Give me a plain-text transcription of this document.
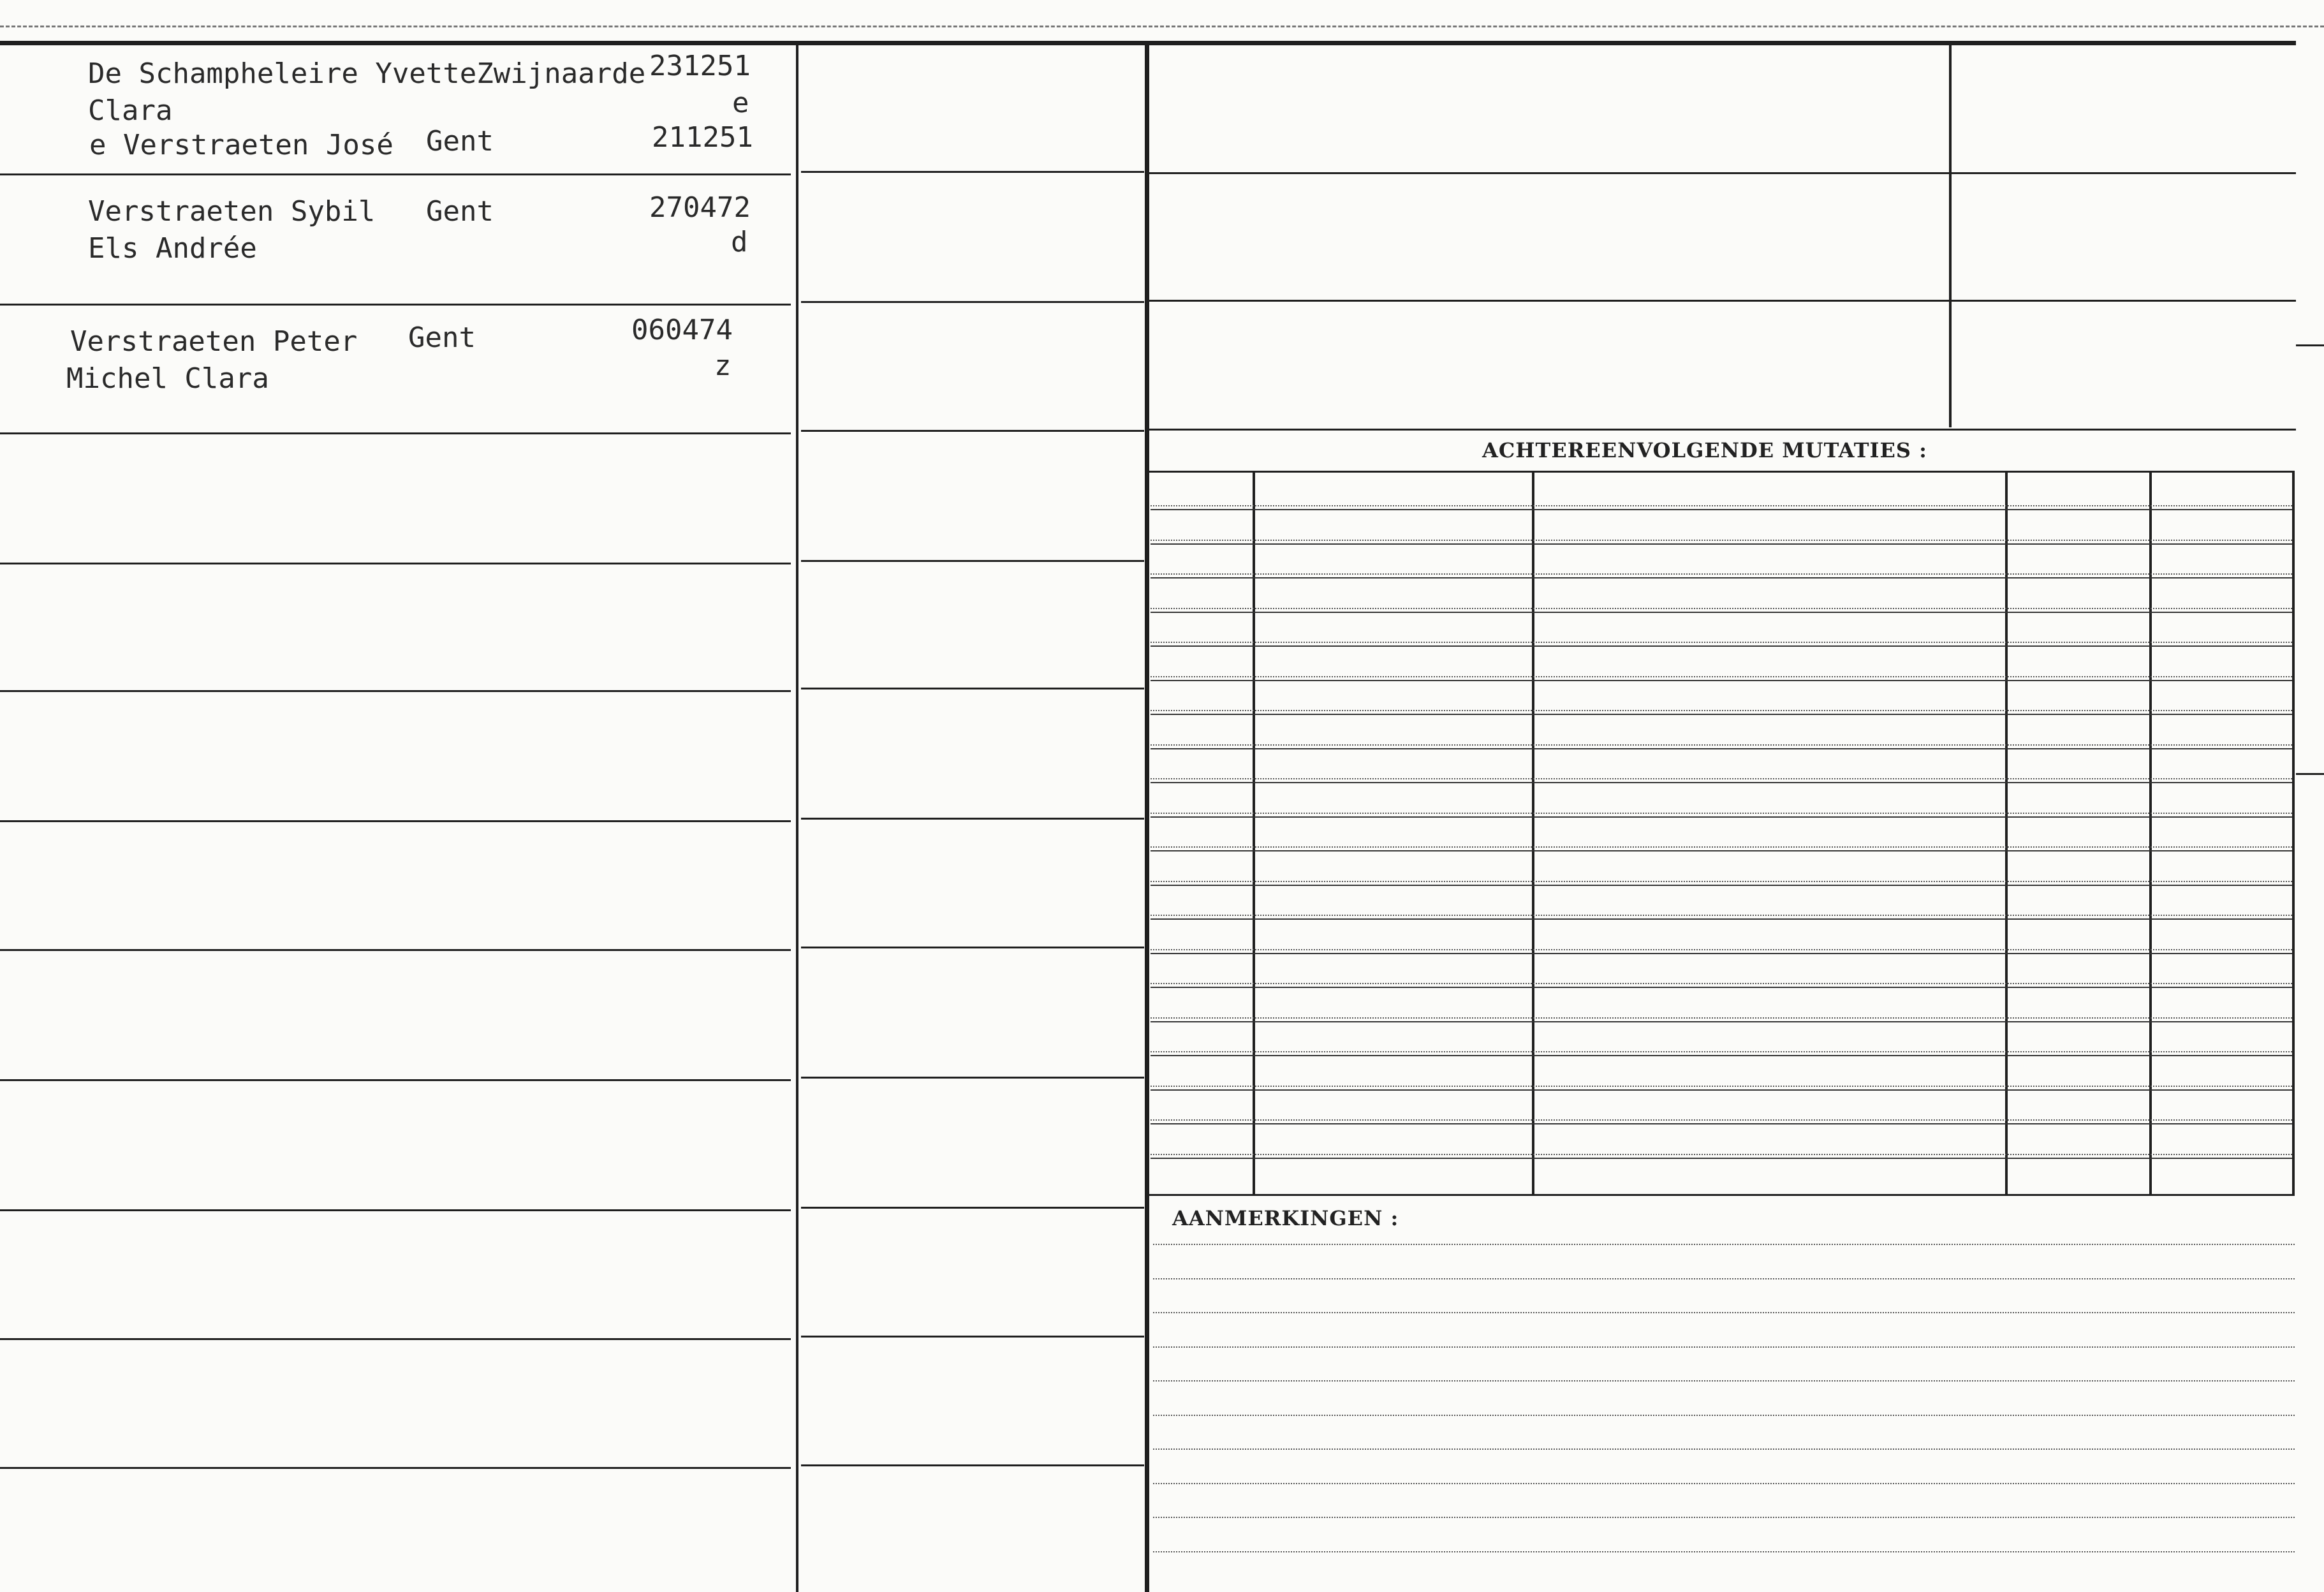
De Schampheleire YvetteZwijnaarde
Clara
e Verstraeten José Gent
231251
e
211251
Verstraeten Sybil
Els Andrée
Gent	270472
d
Verstraeten Peter
Michel Clara
Gent	060474
z
ACHTEREENVOLGENDE MUTATIES :
AANMERKINGEN :
